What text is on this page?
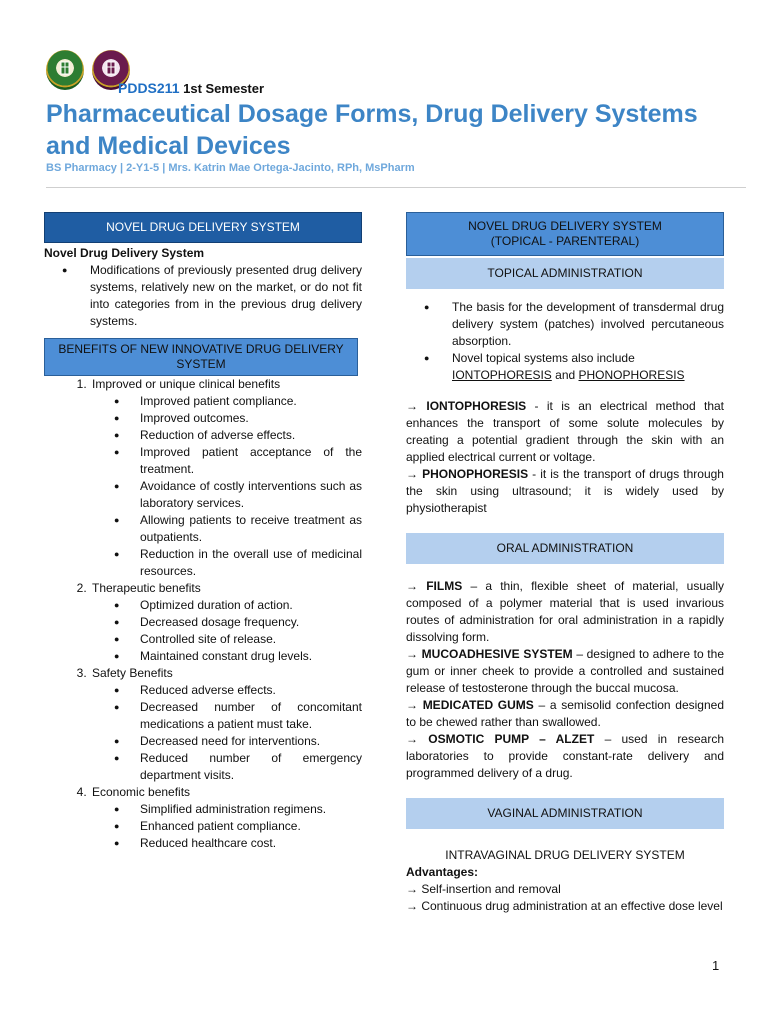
PDDS211 1st Semester
Pharmaceutical Dosage Forms, Drug Delivery Systems and Medical Devices
BS Pharmacy | 2-Y1-5 | Mrs. Katrin Mae Ortega-Jacinto, RPh, MsPharm
NOVEL DRUG DELIVERY SYSTEM
Novel Drug Delivery System
● Modifications of previously presented drug delivery systems, relatively new on the market, or do not fit into categories from in the previous drug delivery systems.
BENEFITS OF NEW INNOVATIVE DRUG DELIVERY SYSTEM
1. Improved or unique clinical benefits
● Improved patient compliance.
● Improved outcomes.
● Reduction of adverse effects.
● Improved patient acceptance of the treatment.
● Avoidance of costly interventions such as laboratory services.
● Allowing patients to receive treatment as outpatients.
● Reduction in the overall use of medicinal resources.
2. Therapeutic benefits
● Optimized duration of action.
● Decreased dosage frequency.
● Controlled site of release.
● Maintained constant drug levels.
3. Safety Benefits
● Reduced adverse effects.
● Decreased number of concomitant medications a patient must take.
● Decreased need for interventions.
● Reduced number of emergency department visits.
4. Economic benefits
● Simplified administration regimens.
● Enhanced patient compliance.
● Reduced healthcare cost.
NOVEL DRUG DELIVERY SYSTEM
(TOPICAL - PARENTERAL)
TOPICAL ADMINISTRATION
● The basis for the development of transdermal drug delivery system (patches) involved percutaneous absorption.
● Novel topical systems also include IONTOPHORESIS and PHONOPHORESIS

→ IONTOPHORESIS - it is an electrical method that enhances the transport of some solute molecules by creating a potential gradient through the skin with an applied electrical current or voltage.

→ PHONOPHORESIS - it is the transport of drugs through the skin using ultrasound; it is widely used by physiotherapist

ORAL ADMINISTRATION

→ FILMS – a thin, flexible sheet of material, usually composed of a polymer material that is used invarious routes of administration for oral administration in a rapidly dissolving form.

→ MUCOADHESIVE SYSTEM – designed to adhere to the gum or inner cheek to provide a controlled and sustained release of testosterone through the buccal mucosa.

→ MEDICATED GUMS – a semisolid confection designed to be chewed rather than swallowed.

→ OSMOTIC PUMP – ALZET – used in research laboratories to provide constant-rate delivery and programmed delivery of a drug.

VAGINAL ADMINISTRATION
INTRAVAGINAL DRUG DELIVERY SYSTEM
Advantages:

→ Self-insertion and removal

→ Continuous drug administration at an effective dose level

1
